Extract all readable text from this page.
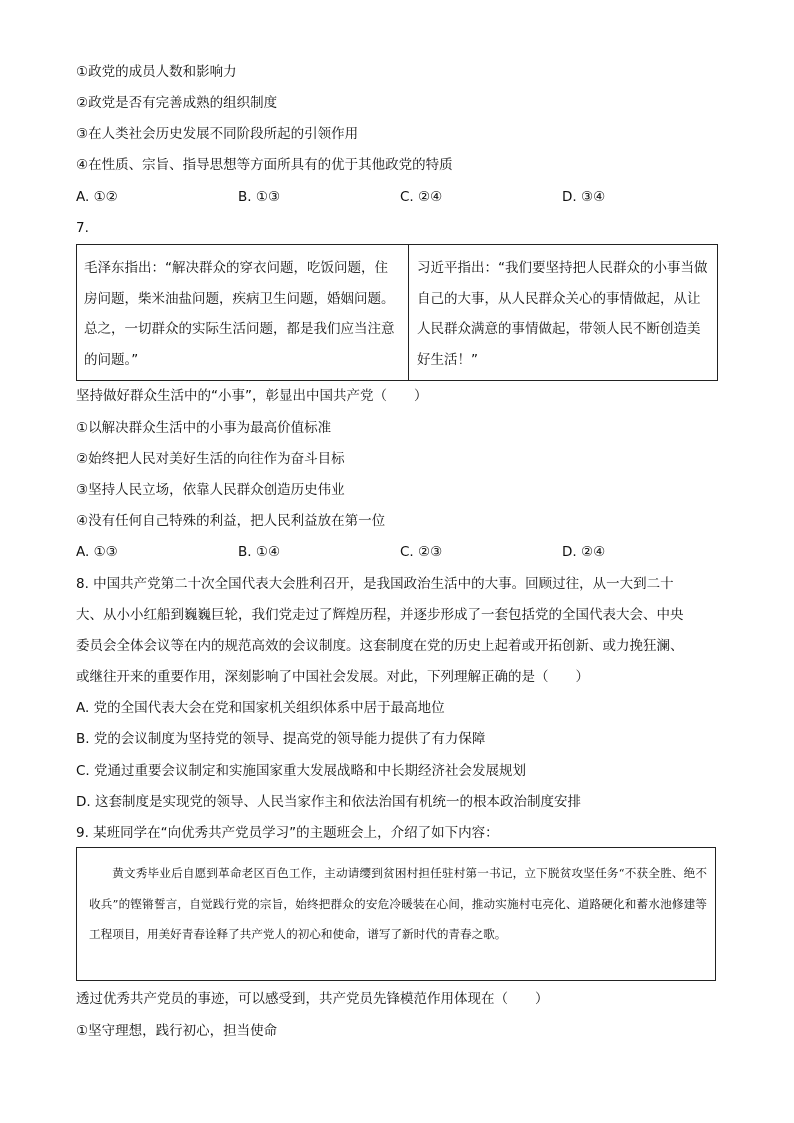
①政党的成员人数和影响力
②政党是否有完善成熟的组织制度
③在人类社会历史发展不同阶段所起的引领作用
④在性质、宗旨、指导思想等方面所具有的优于其他政党的特质
A. ①②	B. ①③	C. ②④	D. ③④
7.
毛泽东指出：“解决群众的穿衣问题，吃饭问题，住房问题，柴米油盐问题，疾病卫生问题，婚姻问题。总之，一切群众的实际生活问题，都是我们应当注意的问题。”	习近平指出：“我们要坚持把人民群众的小事当做自己的大事，从人民群众关心的事情做起，从让人民群众满意的事情做起，带领人民不断创造美好生活！”
坚持做好群众生活中的“小事”，彰显出中国共产党（　　）
①以解决群众生活中的小事为最高价值标准
②始终把人民对美好生活的向往作为奋斗目标
③坚持人民立场，依靠人民群众创造历史伟业
④没有任何自己特殊的利益，把人民利益放在第一位
A. ①③	B. ①④	C. ②③	D. ②④
8. 中国共产党第二十次全国代表大会胜利召开，是我国政治生活中的大事。回顾过往，从一大到二十
大、从小小红船到巍巍巨轮，我们党走过了辉煌历程，并逐步形成了一套包括党的全国代表大会、中央
委员会全体会议等在内的规范高效的会议制度。这套制度在党的历史上起着或开拓创新、或力挽狂澜、
或继往开来的重要作用，深刻影响了中国社会发展。对此，下列理解正确的是（　　）
A. 党的全国代表大会在党和国家机关组织体系中居于最高地位
B. 党的会议制度为坚持党的领导、提高党的领导能力提供了有力保障
C. 党通过重要会议制定和实施国家重大发展战略和中长期经济社会发展规划
D. 这套制度是实现党的领导、人民当家作主和依法治国有机统一的根本政治制度安排
9. 某班同学在“向优秀共产党员学习”的主题班会上，介绍了如下内容：

黄文秀毕业后自愿到革命老区百色工作，主动请缨到贫困村担任驻村第一书记，立下脱贫攻坚任务“不获全胜、绝不收兵”的铿锵誓言，自觉践行党的宗旨，始终把群众的安危冷暖装在心间，推动实施村屯亮化、道路硬化和蓄水池修建等工程项目，用美好青春诠释了共产党人的初心和使命，谱写了新时代的青春之歌。

透过优秀共产党员的事迹，可以感受到，共产党员先锋模范作用体现在（　　）
①坚守理想，践行初心，担当使命
